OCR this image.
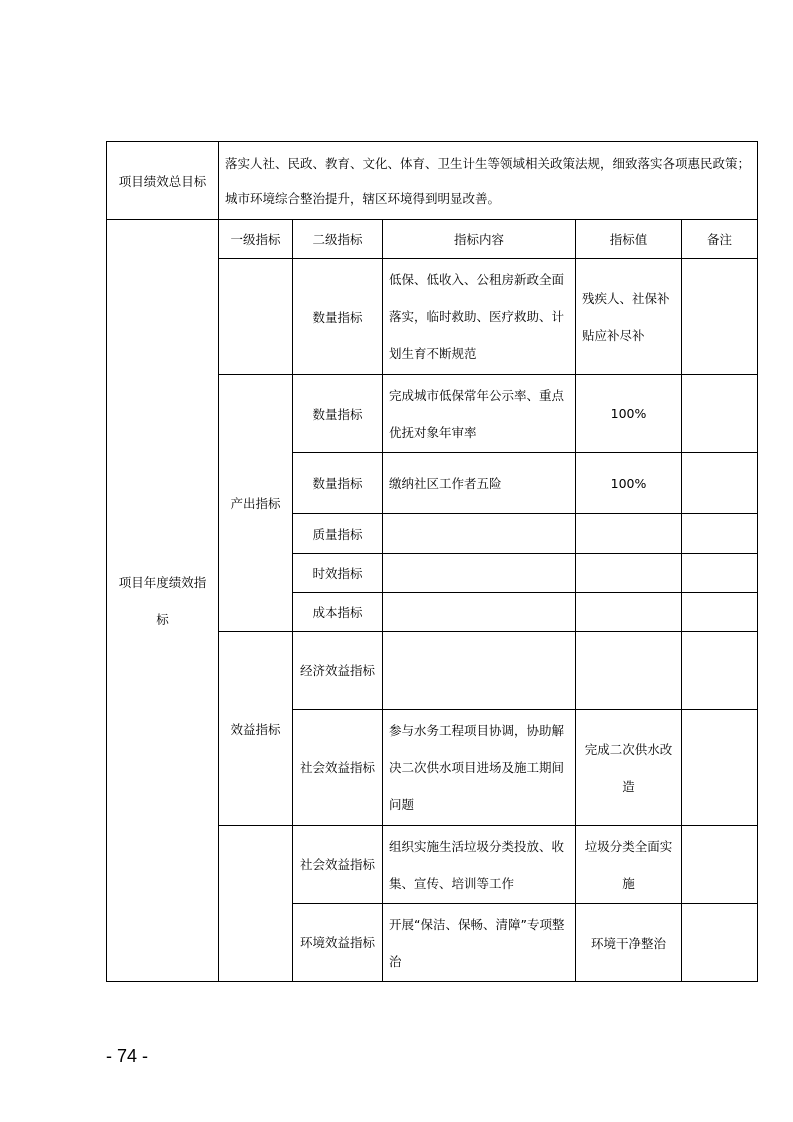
项目绩效总目标	落实人社、民政、教育、文化、体育、卫生计生等领域相关政策法规，细致落实各项惠民政策；城市环境综合整治提升，辖区环境得到明显改善。				
项目年度绩效指标	一级指标	二级指标	指标内容	指标值	备注
		数量指标	低保、低收入、公租房新政全面落实，临时救助、医疗救助、计划生育不断规范	残疾人、社保补贴应补尽补	
	产出指标	数量指标	完成城市低保常年公示率、重点优抚对象年审率	100%	
		数量指标	缴纳社区工作者五险	100%	
		质量指标			
		时效指标			
		成本指标			
	效益指标	经济效益指标			
		社会效益指标	参与水务工程项目协调，协助解决二次供水项目进场及施工期间问题	完成二次供水改造	
		社会效益指标	组织实施生活垃圾分类投放、收集、宣传、培训等工作	垃圾分类全面实施	
		环境效益指标	开展“保洁、保畅、清障”专项整治	环境干净整治	
- 74 -
